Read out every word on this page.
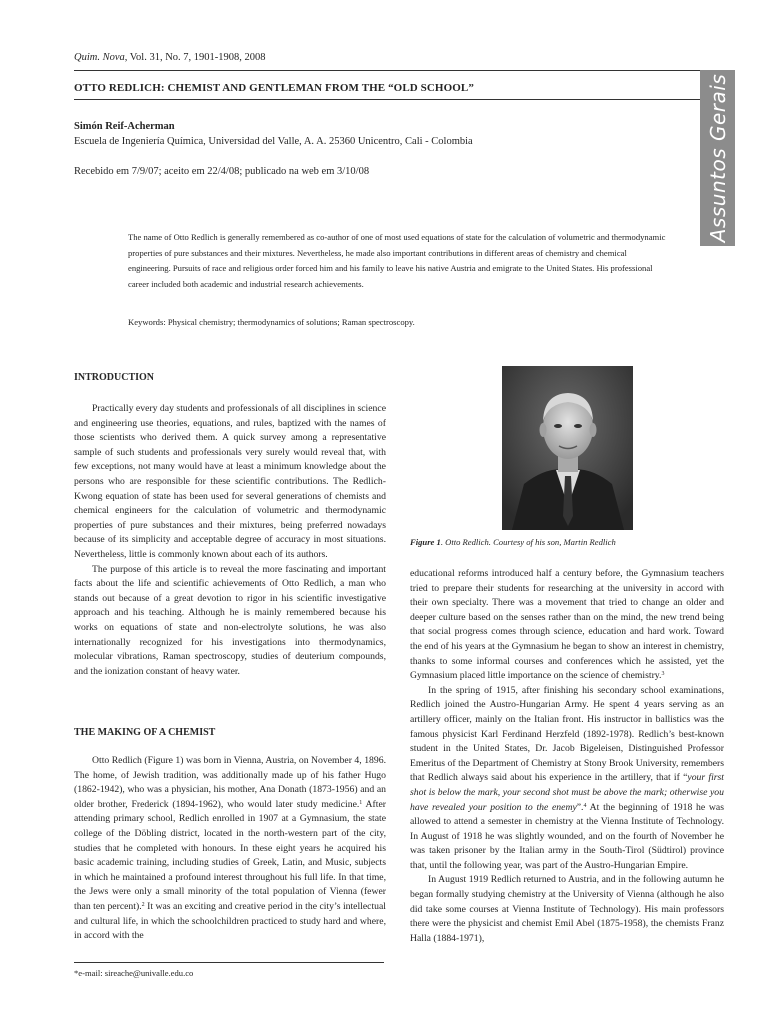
Quim. Nova, Vol. 31, No. 7, 1901-1908, 2008
OTTO REDLICH: CHEMIST AND GENTLEMAN FROM THE “OLD SCHOOL”	Assuntos Gerais
Simón Reif-Acherman
Escuela de Ingeniería Química, Universidad del Valle, A. A. 25360 Unicentro, Cali - Colombia
Recebido em 7/9/07; aceito em 22/4/08; publicado na web em 3/10/08
The name of Otto Redlich is generally remembered as co-author of one of most used equations of state for the calculation of volumetric and thermodynamic properties of pure substances and their mixtures. Nevertheless, he made also important contributions in different areas of chemistry and chemical engineering. Pursuits of race and religious order forced him and his family to leave his native Austria and emigrate to the United States. His professional career included both academic and industrial research achievements.
Keywords: Physical chemistry; thermodynamics of solutions; Raman spectroscopy.
INTRODUCTION

Practically every day students and professionals of all disciplines in science and engineering use theories, equations, and rules, baptized with the names of those scientists who derived them. A quick survey among a representative sample of such students and professionals very surely would reveal that, with few exceptions, not many would have at least a minimum knowledge about the persons who are responsible for these scientific contributions. The Redlich-Kwong equation of state has been used for several generations of chemists and chemical engineers for the calculation of volumetric and thermodynamic properties of pure substances and their mixtures, being preferred nowadays because of its simplicity and acceptable degree of accuracy in most situations. Nevertheless, little is commonly known about each of its authors.

The purpose of this article is to reveal the more fascinating and important facts about the life and scientific achievements of Otto Redlich, a man who stands out because of a great devotion to rigor in his scientific investigative approach and his teaching. Although he is mainly remembered because his works on equations of state and non-electrolyte solutions, he was also internationally recognized for his investigations into thermodynamics, molecular vibrations, Raman spectroscopy, studies of deuterium compounds, and the ionization constant of heavy water.

THE MAKING OF A CHEMIST

Otto Redlich (Figure 1) was born in Vienna, Austria, on November 4, 1896. The home, of Jewish tradition, was additionally made up of his father Hugo (1862-1942), who was a physician, his mother, Ana Donath (1873-1956) and an older brother, Frederick (1894-1962), who would later study medicine.$^1$ After attending primary school, Redlich enrolled in 1907 at a Gymnasium, the state college of the Döbling district, located in the north-western part of the city, studies that he completed with honours. In these eight years he acquired his basic academic training, including studies of Greek, Latin, and Music, subjects in which he maintained a profound interest throughout his full life. In that time, the Jews were only a small minority of the total population of Vienna (fewer than ten percent).$^2$ It was an exciting and creative period in the city’s intellectual and cultural life, in which the schoolchildren practiced to study hard and where, in accord with the

Figure 1. Otto Redlich. Courtesy of his son, Martin Redlich

educational reforms introduced half a century before, the Gymnasium teachers tried to prepare their students for researching at the university in accord with their own specialty. There was a movement that tried to change an older and deeper culture based on the senses rather than on the mind, the new trend being that social progress comes through science, education and hard work. Toward the end of his years at the Gymnasium he began to show an interest in chemistry, thanks to some informal courses and conferences which he assisted, yet the Gymnasium placed little importance on the science of chemistry.$^3$

In the spring of 1915, after finishing his secondary school examinations, Redlich joined the Austro-Hungarian Army. He spent 4 years serving as an artillery officer, mainly on the Italian front. His instructor in ballistics was the famous physicist Karl Ferdinand Herzfeld (1892-1978). Redlich’s best-known student in the United States, Dr. Jacob Bigeleisen, Distinguished Professor Emeritus of the Department of Chemistry at Stony Brook University, remembers that Redlich always said about his experience in the artillery, that if “your first shot is below the mark, your second shot must be above the mark; otherwise you have revealed your position to the enemy”.$^4$ At the beginning of 1918 he was allowed to attend a semester in chemistry at the Vienna Institute of Technology. In August of 1918 he was slightly wounded, and on the fourth of November he was taken prisoner by the Italian army in the South-Tirol (Südtirol) province that, until the following year, was part of the Austro-Hungarian Empire.

In August 1919 Redlich returned to Austria, and in the following autumn he began formally studying chemistry at the University of Vienna (although he also did take some courses at Vienna Institute of Technology). His main professors there were the physicist and chemist Emil Abel (1875-1958), the chemists Franz Halla (1884-1971),

*e-mail: sireache@univalle.edu.co
